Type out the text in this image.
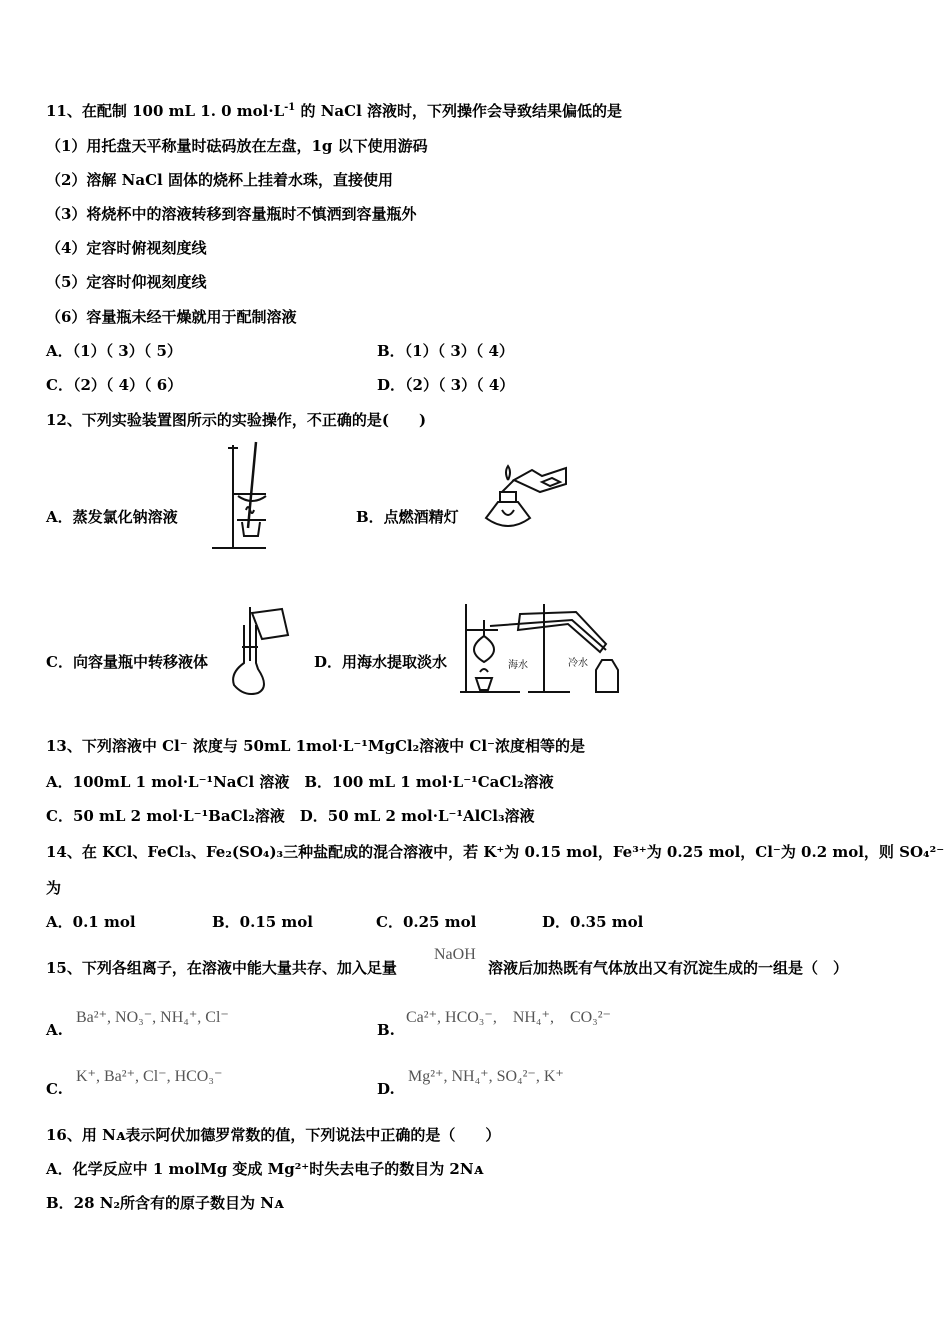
11、在配制 100 mL 1. 0 $mol\cdot L^{-1}$ 的 NaCl 溶液时，下列操作会导致结果偏低的是
（1）用托盘天平称量时砝码放在左盘，1g 以下使用游码
（2）溶解 NaCl 固体的烧杯上挂着水珠，直接使用
（3）将烧杯中的溶液转移到容量瓶时不慎洒到容量瓶外
（4）定容时俯视刻度线
（5）定容时仰视刻度线
（6）容量瓶未经干燥就用于配制溶液
A．（1）（ 3）（ 5）	B．（1）（ 3）（ 4）
C．（2）（ 4）（ 6）	D．（2）（ 3）（ 4）
12、下列实验装置图所示的实验操作，不正确的是(　　)
A．蒸发氯化钠溶液	B．点燃酒精灯
C．向容量瓶中转移液体	D．用海水提取淡水	海水	冷水
13、下列溶液中 Cl⁻ 浓度与 50mL 1mol·L⁻¹MgCl₂溶液中 Cl⁻浓度相等的是
A．100mL 1 mol·L⁻¹NaCl 溶液　B．100 mL 1 mol·L⁻¹CaCl₂溶液
C．50 mL 2 mol·L⁻¹BaCl₂溶液　D．50 mL 2 mol·L⁻¹AlCl₃溶液
14、在 KCl、FeCl₃、Fe₂(SO₄)₃三种盐配成的混合溶液中，若 K⁺为 0.15 mol，Fe³⁺为 0.25 mol，Cl⁻为 0.2 mol，则 SO₄²⁻
为
A．0.1 mol	B．0.15 mol	C．0.25 mol	D．0.35 mol
15、下列各组离子，在溶液中能大量共存、加入足量
NaOH
溶液后加热既有气体放出又有沉淀生成的一组是（　）
A.
Ba²⁺, NO₃⁻, NH₄⁺, Cl⁻
B.
Ca²⁺, HCO₃⁻,　NH₄⁺,　CO₃²⁻
C.
K⁺, Ba²⁺, Cl⁻, HCO₃⁻
D.
Mg²⁺, NH₄⁺, SO₄²⁻, K⁺
16、用 Nᴀ表示阿伏加德罗常数的值，下列说法中正确的是（　　）
A．化学反应中 1 molMg 变成 Mg²⁺时失去电子的数目为 2Nᴀ
B．28 N₂所含有的原子数目为 Nᴀ
